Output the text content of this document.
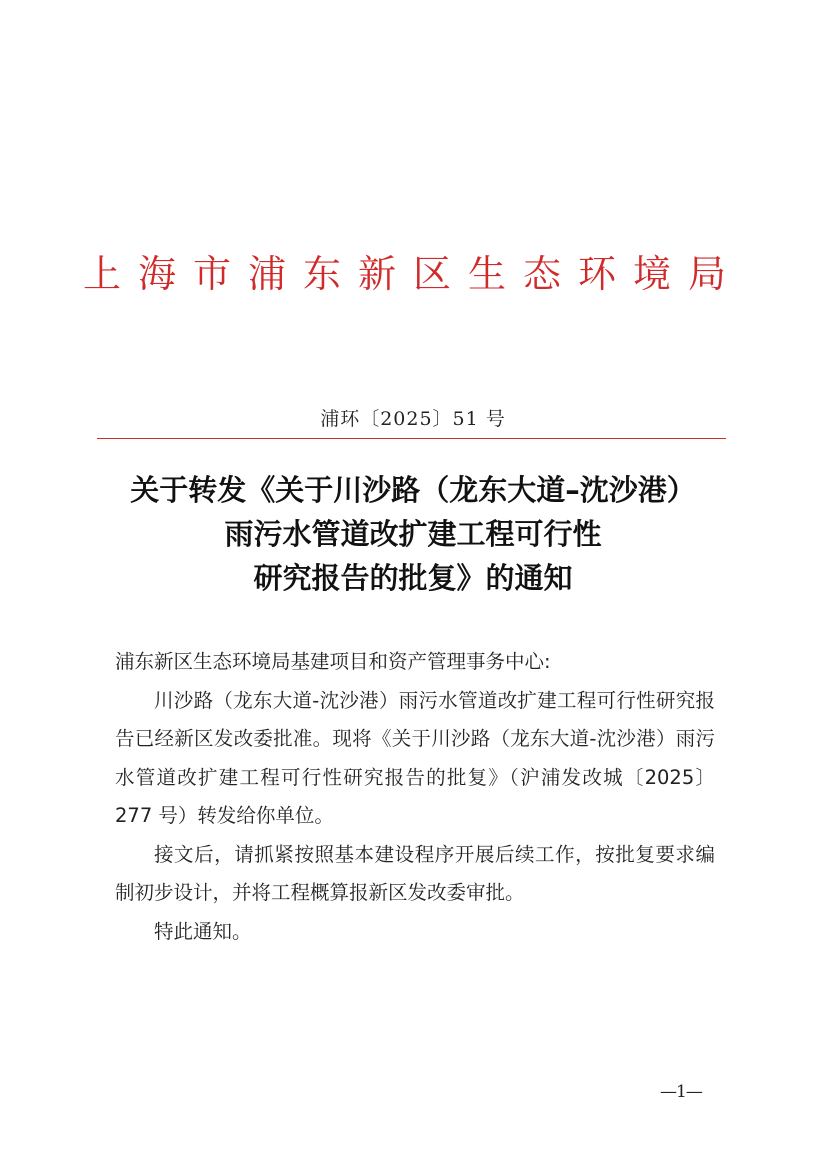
上海市浦东新区生态环境局
浦环〔2025〕51 号
关于转发《关于川沙路（龙东大道–沈沙港）
雨污水管道改扩建工程可行性
研究报告的批复》的通知

浦东新区生态环境局基建项目和资产管理事务中心:

川沙路（龙东大道-沈沙港）雨污水管道改扩建工程可行性研究报告已经新区发改委批准。现将《关于川沙路（龙东大道-沈沙港）雨污水管道改扩建工程可行性研究报告的批复》（沪浦发改城〔2025〕277 号）转发给你单位。

接文后，请抓紧按照基本建设程序开展后续工作，按批复要求编制初步设计，并将工程概算报新区发改委审批。

特此通知。

—1—
